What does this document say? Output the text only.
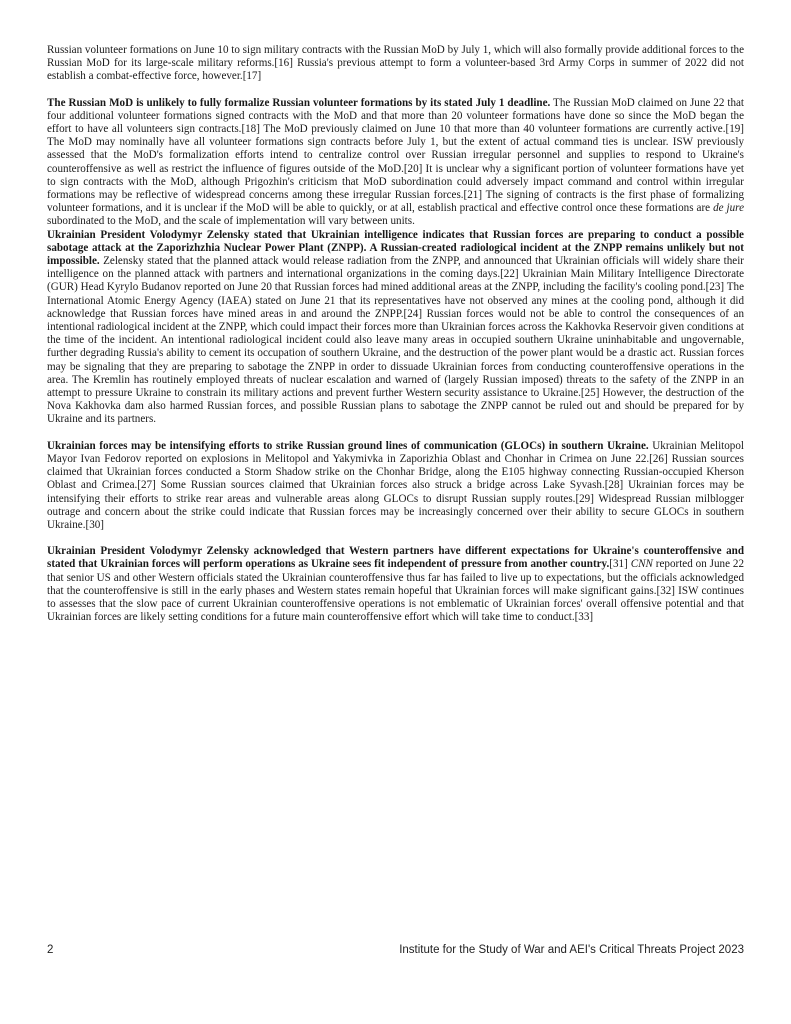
Russian volunteer formations on June 10 to sign military contracts with the Russian MoD by July 1, which will also formally provide additional forces to the Russian MoD for its large-scale military reforms.[16] Russia's previous attempt to form a volunteer-based 3rd Army Corps in summer of 2022 did not establish a combat-effective force, however.[17]

The Russian MoD is unlikely to fully formalize Russian volunteer formations by its stated July 1 deadline. The Russian MoD claimed on June 22 that four additional volunteer formations signed contracts with the MoD and that more than 20 volunteer formations have done so since the MoD began the effort to have all volunteers sign contracts.[18] The MoD previously claimed on June 10 that more than 40 volunteer formations are currently active.[19] The MoD may nominally have all volunteer formations sign contracts before July 1, but the extent of actual command ties is unclear. ISW previously assessed that the MoD's formalization efforts intend to centralize control over Russian irregular personnel and supplies to respond to Ukraine's counteroffensive as well as restrict the influence of figures outside of the MoD.[20] It is unclear why a significant portion of volunteer formations have yet to sign contracts with the MoD, although Prigozhin's criticism that MoD subordination could adversely impact command and control within irregular formations may be reflective of widespread concerns among these irregular Russian forces.[21] The signing of contracts is the first phase of formalizing volunteer formations, and it is unclear if the MoD will be able to quickly, or at all, establish practical and effective control once these formations are de jure subordinated to the MoD, and the scale of implementation will vary between units.

Ukrainian President Volodymyr Zelensky stated that Ukrainian intelligence indicates that Russian forces are preparing to conduct a possible sabotage attack at the Zaporizhzhia Nuclear Power Plant (ZNPP). A Russian-created radiological incident at the ZNPP remains unlikely but not impossible. Zelensky stated that the planned attack would release radiation from the ZNPP, and announced that Ukrainian officials will widely share their intelligence on the planned attack with partners and international organizations in the coming days.[22] Ukrainian Main Military Intelligence Directorate (GUR) Head Kyrylo Budanov reported on June 20 that Russian forces had mined additional areas at the ZNPP, including the facility's cooling pond.[23] The International Atomic Energy Agency (IAEA) stated on June 21 that its representatives have not observed any mines at the cooling pond, although it did acknowledge that Russian forces have mined areas in and around the ZNPP.[24] Russian forces would not be able to control the consequences of an intentional radiological incident at the ZNPP, which could impact their forces more than Ukrainian forces across the Kakhovka Reservoir given conditions at the time of the incident. An intentional radiological incident could also leave many areas in occupied southern Ukraine uninhabitable and ungovernable, further degrading Russia's ability to cement its occupation of southern Ukraine, and the destruction of the power plant would be a drastic act. Russian forces may be signaling that they are preparing to sabotage the ZNPP in order to dissuade Ukrainian forces from conducting counteroffensive operations in the area. The Kremlin has routinely employed threats of nuclear escalation and warned of (largely Russian imposed) threats to the safety of the ZNPP in an attempt to pressure Ukraine to constrain its military actions and prevent further Western security assistance to Ukraine.[25] However, the destruction of the Nova Kakhovka dam also harmed Russian forces, and possible Russian plans to sabotage the ZNPP cannot be ruled out and should be prepared for by Ukraine and its partners.

Ukrainian forces may be intensifying efforts to strike Russian ground lines of communication (GLOCs) in southern Ukraine. Ukrainian Melitopol Mayor Ivan Fedorov reported on explosions in Melitopol and Yakymivka in Zaporizhia Oblast and Chonhar in Crimea on June 22.[26] Russian sources claimed that Ukrainian forces conducted a Storm Shadow strike on the Chonhar Bridge, along the E105 highway connecting Russian-occupied Kherson Oblast and Crimea.[27] Some Russian sources claimed that Ukrainian forces also struck a bridge across Lake Syvash.[28] Ukrainian forces may be intensifying their efforts to strike rear areas and vulnerable areas along GLOCs to disrupt Russian supply routes.[29] Widespread Russian milblogger outrage and concern about the strike could indicate that Russian forces may be increasingly concerned over their ability to secure GLOCs in southern Ukraine.[30]

Ukrainian President Volodymyr Zelensky acknowledged that Western partners have different expectations for Ukraine's counteroffensive and stated that Ukrainian forces will perform operations as Ukraine sees fit independent of pressure from another country.[31] CNN reported on June 22 that senior US and other Western officials stated the Ukrainian counteroffensive thus far has failed to live up to expectations, but the officials acknowledged that the counteroffensive is still in the early phases and Western states remain hopeful that Ukrainian forces will make significant gains.[32] ISW continues to assesses that the slow pace of current Ukrainian counteroffensive operations is not emblematic of Ukrainian forces' overall offensive potential and that Ukrainian forces are likely setting conditions for a future main counteroffensive effort which will take time to conduct.[33]

2	Institute for the Study of War and AEI's Critical Threats Project 2023
